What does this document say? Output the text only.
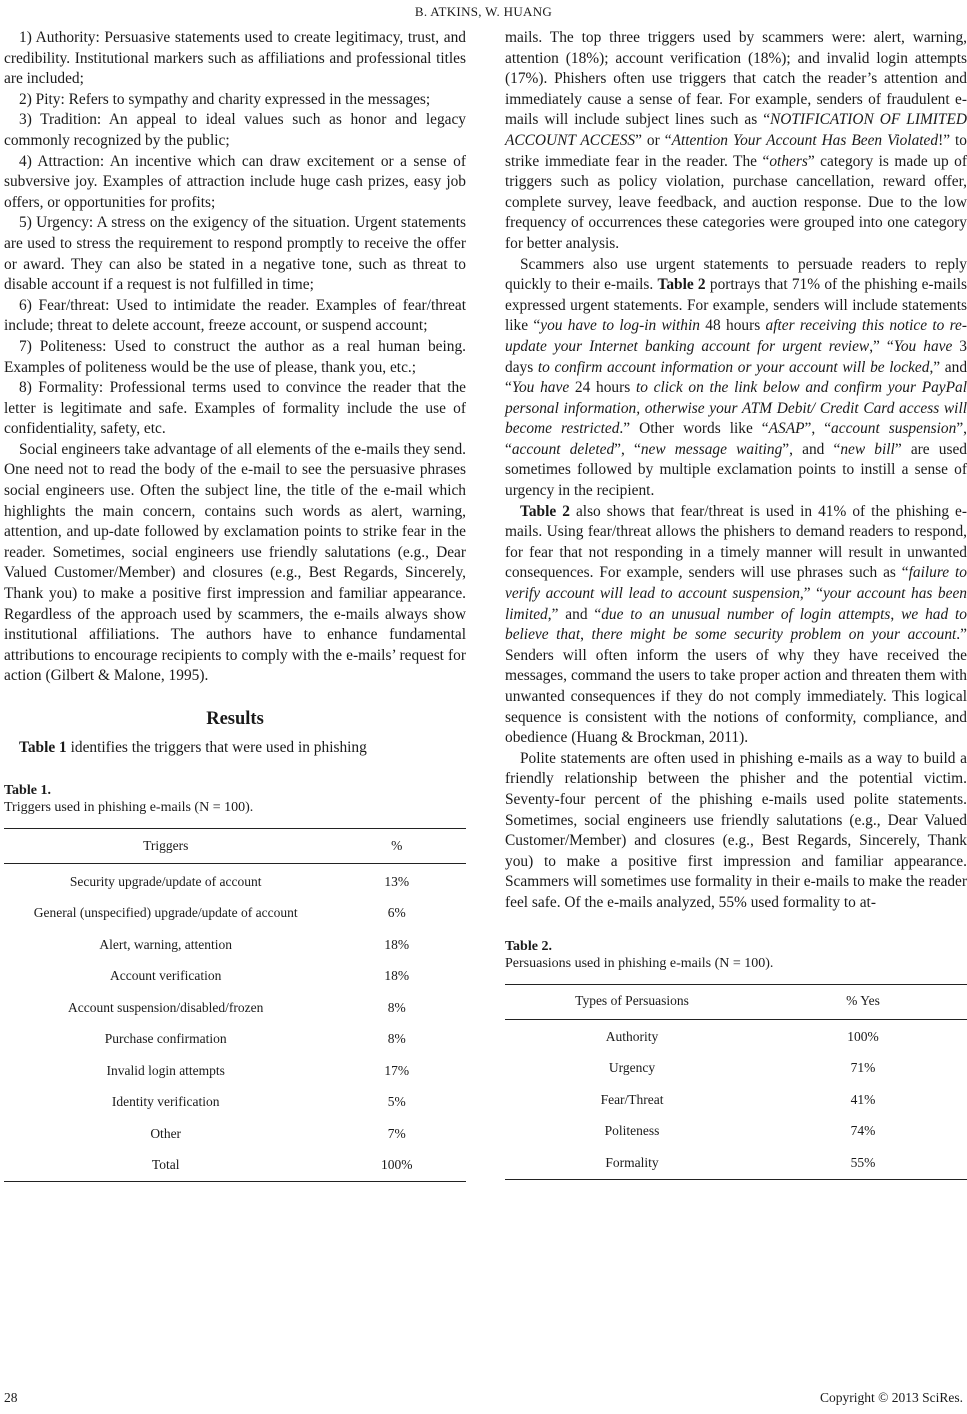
B. ATKINS, W. HUANG

1) Authority: Persuasive statements used to create legitimacy, trust, and credibility. Institutional markers such as affiliations and professional titles are included;

2) Pity: Refers to sympathy and charity expressed in the messages;

3) Tradition: An appeal to ideal values such as honor and legacy commonly recognized by the public;

4) Attraction: An incentive which can draw excitement or a sense of subversive joy. Examples of attraction include huge cash prizes, easy job offers, or opportunities for profits;

5) Urgency: A stress on the exigency of the situation. Urgent statements are used to stress the requirement to respond promptly to receive the offer or award. They can also be stated in a negative tone, such as threat to disable account if a request is not fulfilled in time;

6) Fear/threat: Used to intimidate the reader. Examples of fear/threat include; threat to delete account, freeze account, or suspend account;

7) Politeness: Used to construct the author as a real human being. Examples of politeness would be the use of please, thank you, etc.;

8) Formality: Professional terms used to convince the reader that the letter is legitimate and safe. Examples of formality include the use of confidentiality, safety, etc.

Social engineers take advantage of all elements of the e-mails they send. One need not to read the body of the e-mail to see the persuasive phrases social engineers use. Often the subject line, the title of the e-mail which highlights the main concern, contains such words as alert, warning, attention, and up-date followed by exclamation points to strike fear in the reader. Sometimes, social engineers use friendly salutations (e.g., Dear Valued Customer/Member) and closures (e.g., Best Regards, Sincerely, Thank you) to make a positive first impression and familiar appearance. Regardless of the approach used by scammers, the e-mails always show institutional affiliations. The authors have to enhance fundamental attributions to encourage recipients to comply with the e-mails’ request for action (Gilbert & Malone, 1995).

Results

Table 1 identifies the triggers that were used in phishing

Table 1.
Triggers used in phishing e-mails (N = 100).
Triggers	%
Security upgrade/update of account	13%
General (unspecified) upgrade/update of account	6%
Alert, warning, attention	18%
Account verification	18%
Account suspension/disabled/frozen	8%
Purchase confirmation	8%
Invalid login attempts	17%
Identity verification	5%
Other	7%
Total	100%

mails. The top three triggers used by scammers were: alert, warning, attention (18%); account verification (18%); and invalid login attempts (17%). Phishers often use triggers that catch the reader’s attention and immediately cause a sense of fear. For example, senders of fraudulent e-mails will include subject lines such as “NOTIFICATION OF LIMITED ACCOUNT ACCESS” or “Attention Your Account Has Been Violated!” to strike immediate fear in the reader. The “others” category is made up of triggers such as policy violation, purchase cancellation, reward offer, complete survey, leave feedback, and auction response. Due to the low frequency of occurrences these categories were grouped into one category for better analysis.

Scammers also use urgent statements to persuade readers to reply quickly to their e-mails. Table 2 portrays that 71% of the phishing e-mails expressed urgent statements. For example, senders will include statements like “you have to log-in within 48 hours after receiving this notice to re-update your Internet banking account for urgent review,” “You have 3 days to confirm account information or your account will be locked,” and “You have 24 hours to click on the link below and confirm your PayPal personal information, otherwise your ATM Debit/ Credit Card access will become restricted.” Other words like “ASAP”, “account suspension”, “account deleted”, “new message waiting”, and “new bill” are used sometimes followed by multiple exclamation points to instill a sense of urgency in the recipient.

Table 2 also shows that fear/threat is used in 41% of the phishing e-mails. Using fear/threat allows the phishers to demand readers to respond, for fear that not responding in a timely manner will result in unwanted consequences. For example, senders will use phrases such as “failure to verify account will lead to account suspension,” “your account has been limited,” and “due to an unusual number of login attempts, we had to believe that, there might be some security problem on your account.” Senders will often inform the users of why they have received the messages, command the users to take proper action and threaten them with unwanted consequences if they do not comply immediately. This logical sequence is consistent with the notions of conformity, compliance, and obedience (Huang & Brockman, 2011).

Polite statements are often used in phishing e-mails as a way to build a friendly relationship between the phisher and the potential victim. Seventy-four percent of the phishing e-mails used polite statements. Sometimes, social engineers use friendly salutations (e.g., Dear Valued Customer/Member) and closures (e.g., Best Regards, Sincerely, Thank you) to make a positive first impression and familiar appearance. Scammers will sometimes use formality in their e-mails to make the reader feel safe. Of the e-mails analyzed, 55% used formality to at-

Table 2.
Persuasions used in phishing e-mails (N = 100).
Types of Persuasions	% Yes
Authority	100%
Urgency	71%
Fear/Threat	41%
Politeness	74%
Formality	55%
28	Copyright © 2013 SciRes.
